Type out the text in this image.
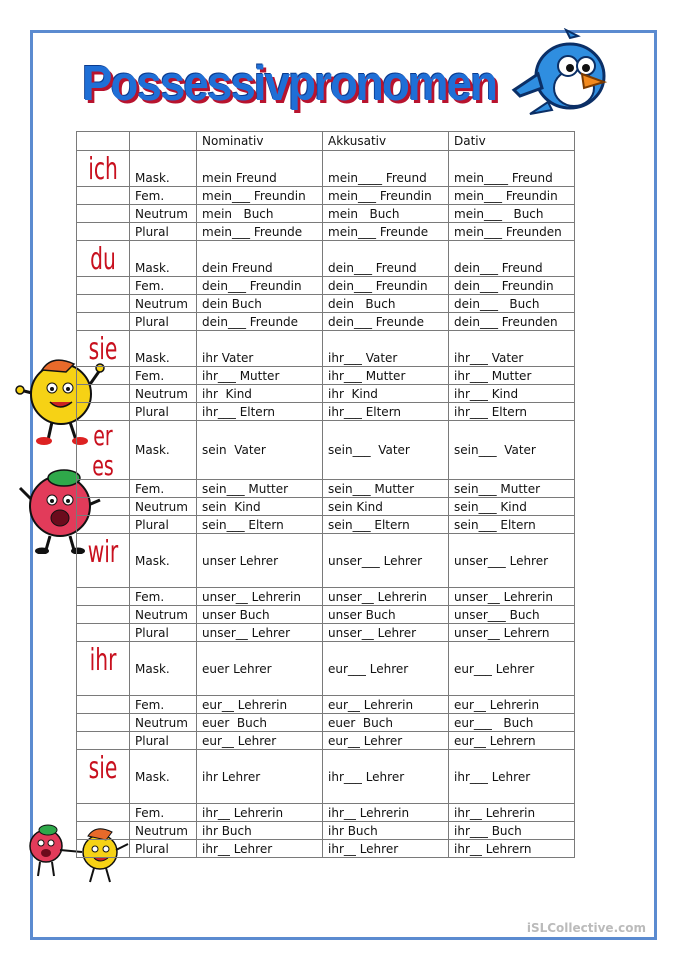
Possessivpronomen
		Nominativ	Akkusativ	Dativ

ich	Mask.	mein Freund	mein____ Freund	mein____ Freund
	Fem.	mein___ Freundin	mein___ Freundin	mein___ Freundin
	Neutrum	mein   Buch	mein   Buch	mein___   Buch
	Plural	mein___ Freunde	mein___ Freunde	mein___ Freunden

du	Mask.	dein Freund	dein___ Freund	dein___ Freund
	Fem.	dein___ Freundin	dein___ Freundin	dein___ Freundin
	Neutrum	dein Buch	dein   Buch	dein___   Buch
	Plural	dein___ Freunde	dein___ Freunde	dein___ Freunden

sie	Mask.	ihr Vater	ihr___ Vater	ihr___ Vater
	Fem.	ihr___ Mutter	ihr___ Mutter	ihr___ Mutter
	Neutrum	ihr  Kind	ihr  Kind	ihr___ Kind
	Plural	ihr___ Eltern	ihr___ Eltern	ihr___ Eltern

er
es	Mask.	sein  Vater	sein___  Vater	sein___  Vater
	Fem.	sein___ Mutter	sein___ Mutter	sein___ Mutter
	Neutrum	sein  Kind	sein Kind	sein___ Kind
	Plural	sein___ Eltern	sein___ Eltern	sein___ Eltern

wir	Mask.	unser Lehrer	unser___ Lehrer	unser___ Lehrer
	Fem.	unser__ Lehrerin	unser__ Lehrerin	unser__ Lehrerin
	Neutrum	unser Buch	unser Buch	unser___ Buch
	Plural	unser__ Lehrer	unser__ Lehrer	unser__ Lehrern

ihr	Mask.	euer Lehrer	eur___ Lehrer	eur___ Lehrer
	Fem.	eur__ Lehrerin	eur__ Lehrerin	eur__ Lehrerin
	Neutrum	euer  Buch	euer  Buch	eur___   Buch
	Plural	eur__ Lehrer	eur__ Lehrer	eur__ Lehrern

sie	Mask.	ihr Lehrer	ihr___ Lehrer	ihr___ Lehrer
	Fem.	ihr__ Lehrerin	ihr__ Lehrerin	ihr__ Lehrerin
	Neutrum	ihr Buch	ihr Buch	ihr___ Buch
	Plural	ihr__ Lehrer	ihr__ Lehrer	ihr__ Lehrern
iSLCollective.com
